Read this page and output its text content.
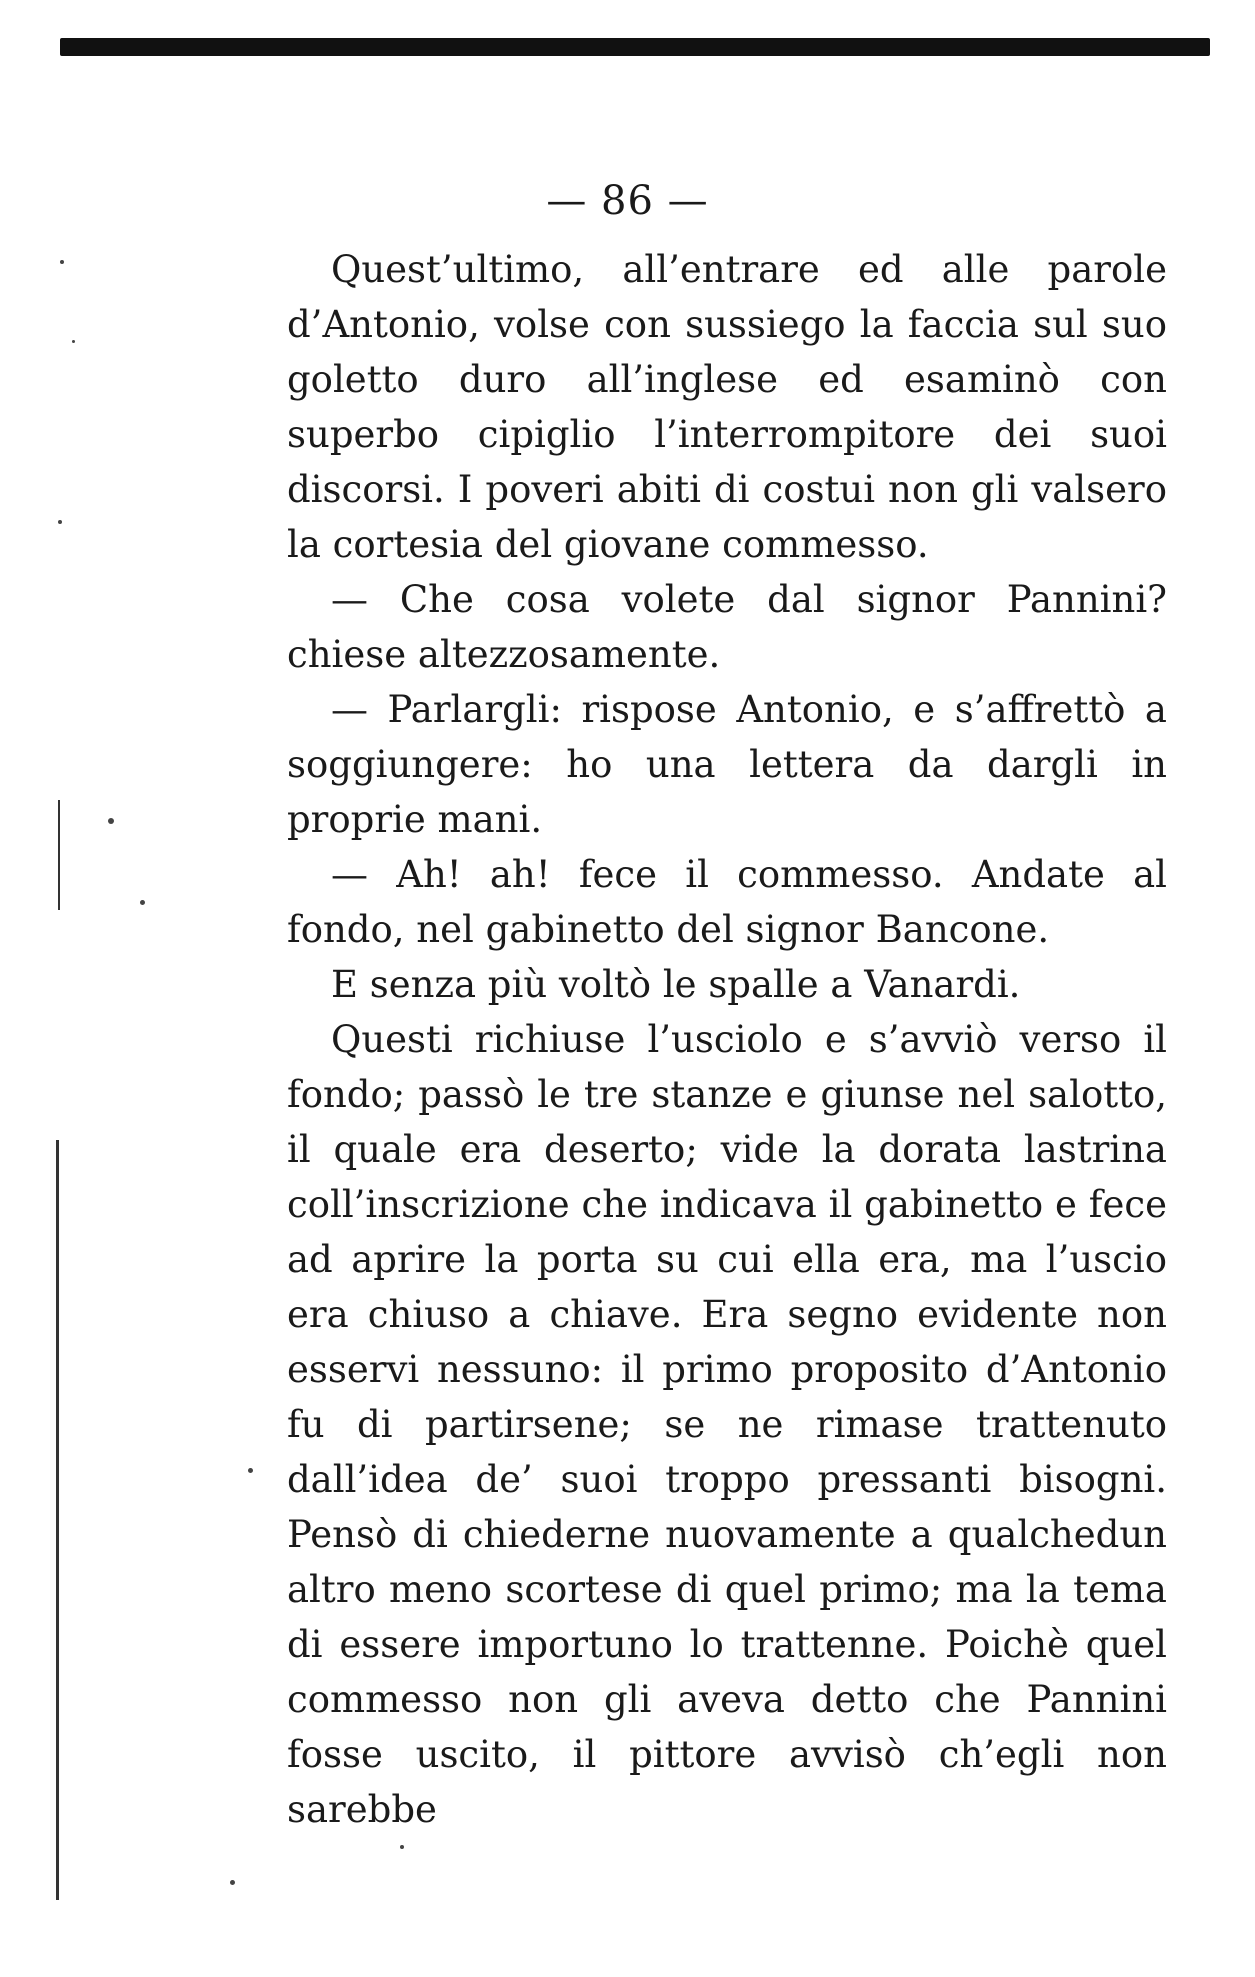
— 86 —

Quest’ultimo, all’entrare ed alle parole d’Antonio, volse con sussiego la faccia sul suo goletto duro all’inglese ed esaminò con superbo cipiglio l’interrompitore dei suoi discorsi. I poveri abiti di costui non gli valsero la cortesia del giovane commesso.

— Che cosa volete dal signor Pannini? chiese altezzosamente.

— Parlargli: rispose Antonio, e s’affrettò a soggiungere: ho una lettera da dargli in proprie mani.

— Ah! ah! fece il commesso. Andate al fondo, nel gabinetto del signor Bancone.

E senza più voltò le spalle a Vanardi.

Questi richiuse l’usciolo e s’avviò verso il fondo; passò le tre stanze e giunse nel salotto, il quale era deserto; vide la dorata lastrina coll’inscrizione che indicava il gabinetto e fece ad aprire la porta su cui ella era, ma l’uscio era chiuso a chiave. Era segno evidente non esservi nessuno: il primo proposito d’Antonio fu di partirsene; se ne rimase trattenuto dall’idea de’ suoi troppo pressanti bisogni. Pensò di chiederne nuovamente a qualchedun altro meno scortese di quel primo; ma la tema di essere importuno lo trattenne. Poichè quel commesso non gli aveva detto che Pannini fosse uscito, il pittore avvisò ch’egli non sarebbe
